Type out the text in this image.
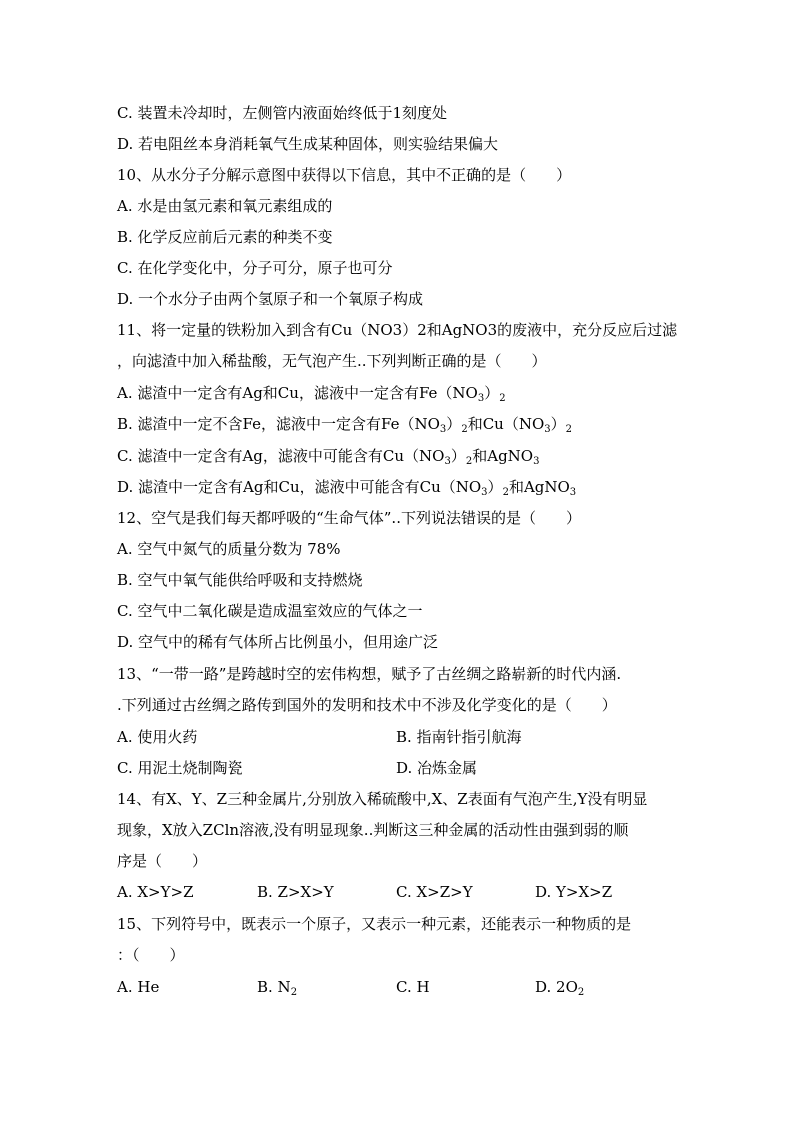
C. 装置未冷却时，左侧管内液面始终低于1刻度处
D. 若电阻丝本身消耗氧气生成某种固体，则实验结果偏大
10、从水分子分解示意图中获得以下信息，其中不正确的是（　　）
A. 水是由氢元素和氧元素组成的
B. 化学反应前后元素的种类不变
C. 在化学变化中，分子可分，原子也可分
D. 一个水分子由两个氢原子和一个氧原子构成
11、将一定量的铁粉加入到含有Cu（NO3）2和AgNO3的废液中，充分反应后过滤
，向滤渣中加入稀盐酸，无气泡产生..下列判断正确的是（　　）
A. 滤渣中一定含有Ag和Cu，滤液中一定含有$Fe(NO_3)_2$
B. 滤渣中一定不含Fe，滤液中一定含有$Fe(NO_3)_2$和$Cu(NO_3)_2$
C. 滤渣中一定含有Ag，滤液中可能含有$Cu(NO_3)_2$和AgNO$_3$
D. 滤渣中一定含有Ag和Cu，滤液中可能含有$Cu(NO_3)_2$和AgNO$_3$
12、空气是我们每天都呼吸的“生命气体”..下列说法错误的是（　　）
A. 空气中氮气的质量分数为 78%
B. 空气中氧气能供给呼吸和支持燃烧
C. 空气中二氧化碳是造成温室效应的气体之一
D. 空气中的稀有气体所占比例虽小，但用途广泛
13、“一带一路”是跨越时空的宏伟构想，赋予了古丝绸之路崭新的时代内涵.
.下列通过古丝绸之路传到国外的发明和技术中不涉及化学变化的是（　　）
A. 使用火药	B. 指南针指引航海
C. 用泥土烧制陶瓷	D. 冶炼金属
14、有X、Y、Z三种金属片,分别放入稀硫酸中,X、Z表面有气泡产生,Y没有明显
现象，X放入ZCln溶液,没有明显现象..判断这三种金属的活动性由强到弱的顺
序是（　　）
A. X>Y>Z	B. Z>X>Y	C. X>Z>Y	D. Y>X>Z
15、下列符号中，既表示一个原子，又表示一种元素，还能表示一种物质的是
：（　　）
A. He	B. $N_2$	C. H	D. $2O_2$
